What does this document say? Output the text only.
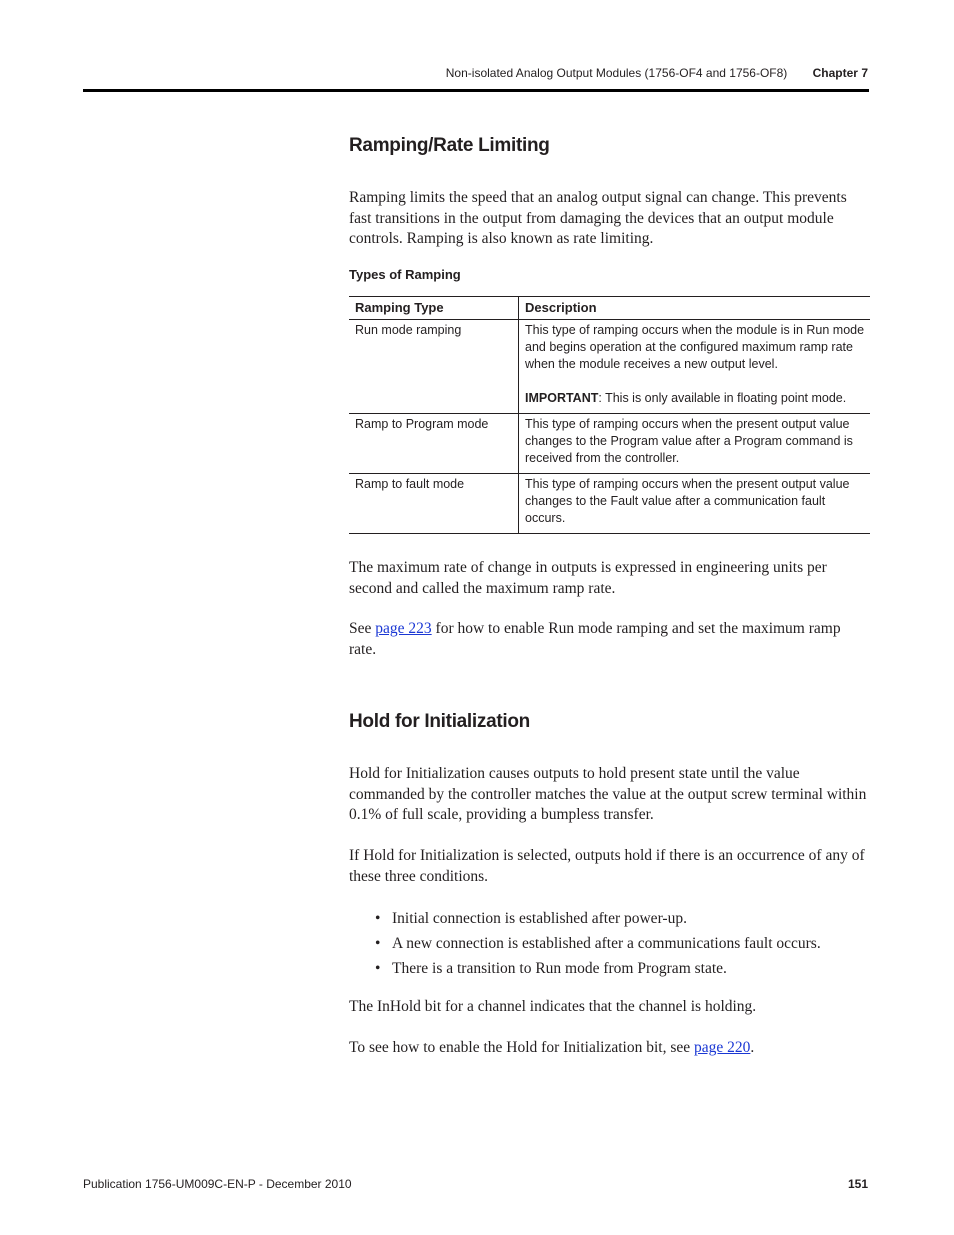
Non-isolated Analog Output Modules (1756-OF4 and 1756-OF8) Chapter 7
Ramping/Rate Limiting

Ramping limits the speed that an analog output signal can change. This prevents fast transitions in the output from damaging the devices that an output module controls. Ramping is also known as rate limiting.

Types of Ramping

Ramping Type	Description
Run mode ramping	This type of ramping occurs when the module is in Run mode and begins operation at the configured maximum ramp rate when the module receives a new output level.
IMPORTANT: This is only available in floating point mode.

Ramp to Program mode	This type of ramping occurs when the present output value changes to the Program value after a Program command is received from the controller.
Ramp to fault mode	This type of ramping occurs when the present output value changes to the Fault value after a communication fault occurs.

The maximum rate of change in outputs is expressed in engineering units per second and called the maximum ramp rate.

See page 223 for how to enable Run mode ramping and set the maximum ramp rate.

Hold for Initialization

Hold for Initialization causes outputs to hold present state until the value commanded by the controller matches the value at the output screw terminal within 0.1% of full scale, providing a bumpless transfer.

If Hold for Initialization is selected, outputs hold if there is an occurrence of any of these three conditions.

• Initial connection is established after power-up.
• A new connection is established after a communications fault occurs.
• There is a transition to Run mode from Program state.

The InHold bit for a channel indicates that the channel is holding.

To see how to enable the Hold for Initialization bit, see page 220.

Publication 1756-UM009C-EN-P - December 2010	151
